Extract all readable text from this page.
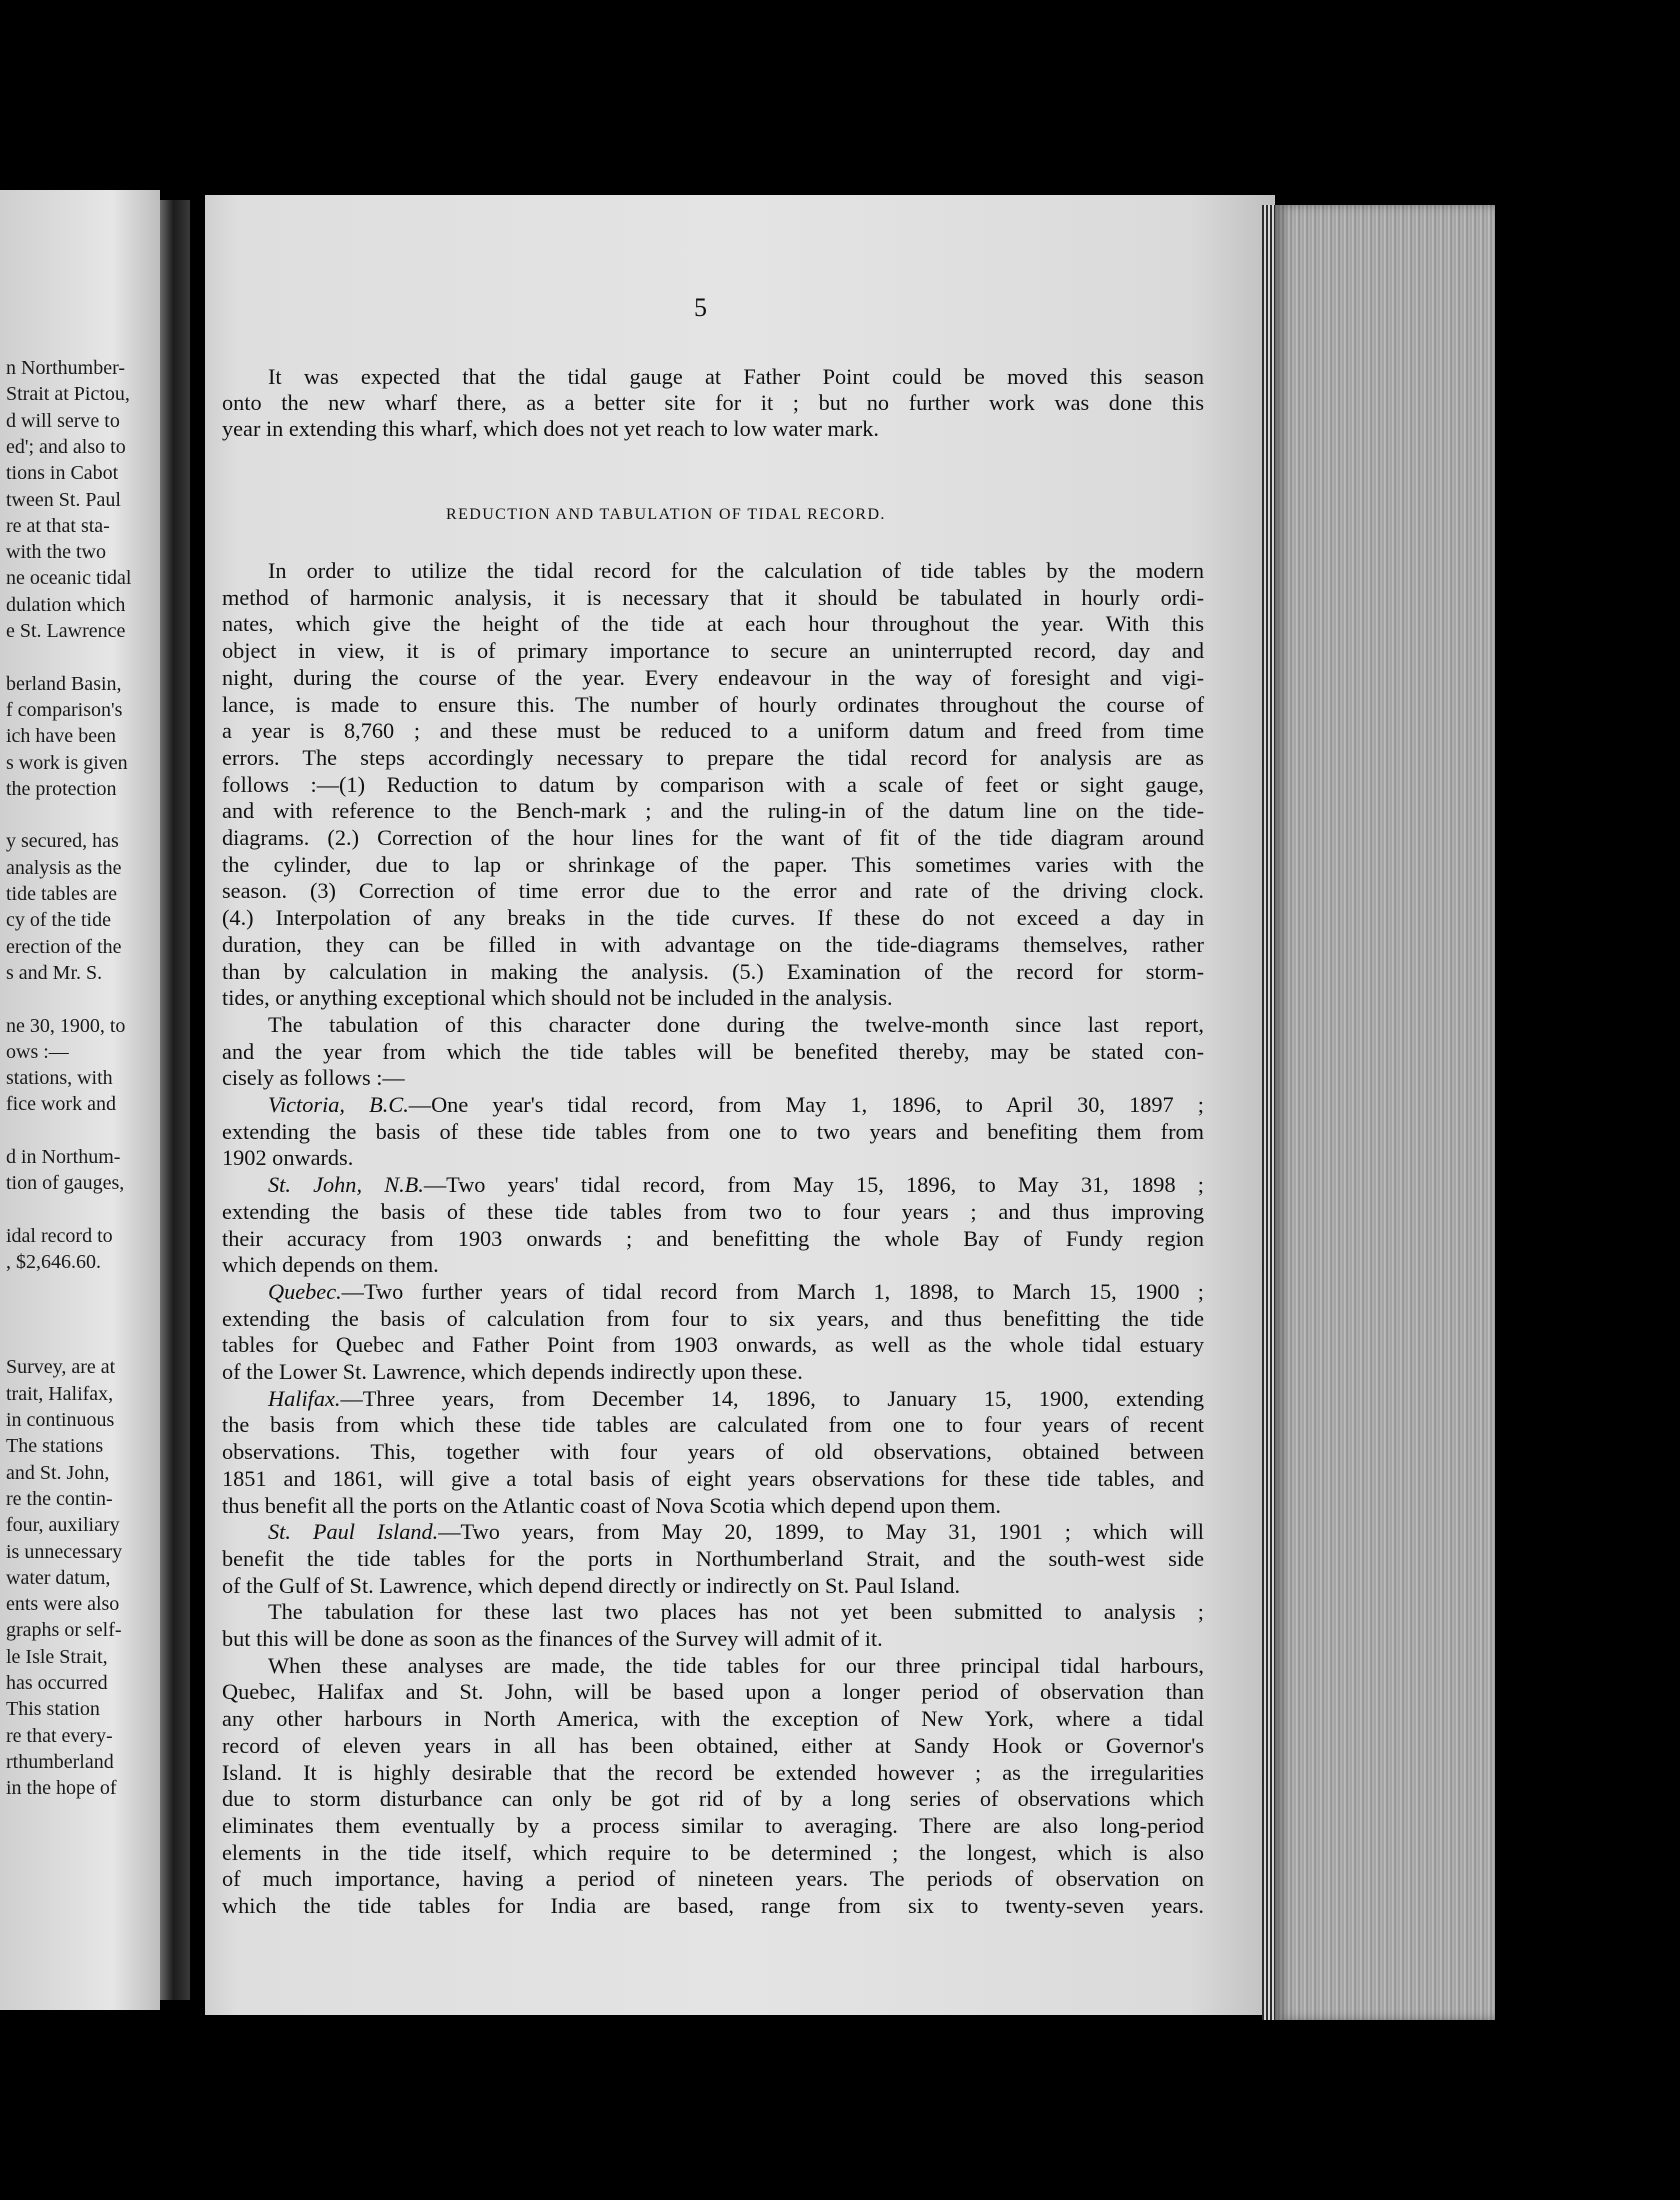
n Northumber-
Strait at Pictou,
d will serve to
ed'; and also to
tions in Cabot
tween St. Paul
re at that sta-
with the two
ne oceanic tidal
dulation which
e St. Lawrence
berland Basin,
f comparison's
ich have been
s work is given
the protection
y secured, has
analysis as the
tide tables are
cy of the tide
erection of the
s and Mr. S.
ne 30, 1900, to
ows :—
stations, with
fice work and
d in Northum-
tion of gauges,
idal record to
, $2,646.60.
Survey, are at
trait, Halifax,
in continuous
The stations
and St. John,
re the contin-
four, auxiliary
is unnecessary
water datum,
ents were also
graphs or self-
le Isle Strait,
has occurred
This station
re that every-
rthumberland
in the hope of
5
REDUCTION AND TABULATION OF TIDAL RECORD.
It was expected that the tidal gauge at Father Point could be moved this season
onto the new wharf there, as a better site for it ; but no further work was done this
year in extending this wharf, which does not yet reach to low water mark.
In order to utilize the tidal record for the calculation of tide tables by the modern
method of harmonic analysis, it is necessary that it should be tabulated in hourly ordi-
nates, which give the height of the tide at each hour throughout the year. With this
object in view, it is of primary importance to secure an uninterrupted record, day and
night, during the course of the year. Every endeavour in the way of foresight and vigi-
lance, is made to ensure this. The number of hourly ordinates throughout the course of
a year is 8,760 ; and these must be reduced to a uniform datum and freed from time
errors. The steps accordingly necessary to prepare the tidal record for analysis are as
follows :—(1) Reduction to datum by comparison with a scale of feet or sight gauge,
and with reference to the Bench-mark ; and the ruling-in of the datum line on the tide-
diagrams. (2.) Correction of the hour lines for the want of fit of the tide diagram around
the cylinder, due to lap or shrinkage of the paper. This sometimes varies with the
season. (3) Correction of time error due to the error and rate of the driving clock.
(4.) Interpolation of any breaks in the tide curves. If these do not exceed a day in
duration, they can be filled in with advantage on the tide-diagrams themselves, rather
than by calculation in making the analysis. (5.) Examination of the record for storm-
tides, or anything exceptional which should not be included in the analysis.
The tabulation of this character done during the twelve-month since last report,
and the year from which the tide tables will be benefited thereby, may be stated con-
cisely as follows :—
Victoria, B.C.—One year's tidal record, from May 1, 1896, to April 30, 1897 ;
extending the basis of these tide tables from one to two years and benefiting them from
1902 onwards.
St. John, N.B.—Two years' tidal record, from May 15, 1896, to May 31, 1898 ;
extending the basis of these tide tables from two to four years ; and thus improving
their accuracy from 1903 onwards ; and benefitting the whole Bay of Fundy region
which depends on them.
Quebec.—Two further years of tidal record from March 1, 1898, to March 15, 1900 ;
extending the basis of calculation from four to six years, and thus benefitting the tide
tables for Quebec and Father Point from 1903 onwards, as well as the whole tidal estuary
of the Lower St. Lawrence, which depends indirectly upon these.
Halifax.—Three years, from December 14, 1896, to January 15, 1900, extending
the basis from which these tide tables are calculated from one to four years of recent
observations. This, together with four years of old observations, obtained between
1851 and 1861, will give a total basis of eight years observations for these tide tables, and
thus benefit all the ports on the Atlantic coast of Nova Scotia which depend upon them.
St. Paul Island.—Two years, from May 20, 1899, to May 31, 1901 ; which will
benefit the tide tables for the ports in Northumberland Strait, and the south-west side
of the Gulf of St. Lawrence, which depend directly or indirectly on St. Paul Island.
The tabulation for these last two places has not yet been submitted to analysis ;
but this will be done as soon as the finances of the Survey will admit of it.
When these analyses are made, the tide tables for our three principal tidal harbours,
Quebec, Halifax and St. John, will be based upon a longer period of observation than
any other harbours in North America, with the exception of New York, where a tidal
record of eleven years in all has been obtained, either at Sandy Hook or Governor's
Island. It is highly desirable that the record be extended however ; as the irregularities
due to storm disturbance can only be got rid of by a long series of observations which
eliminates them eventually by a process similar to averaging. There are also long-period
elements in the tide itself, which require to be determined ; the longest, which is also
of much importance, having a period of nineteen years. The periods of observation on
which the tide tables for India are based, range from six to twenty-seven years.
